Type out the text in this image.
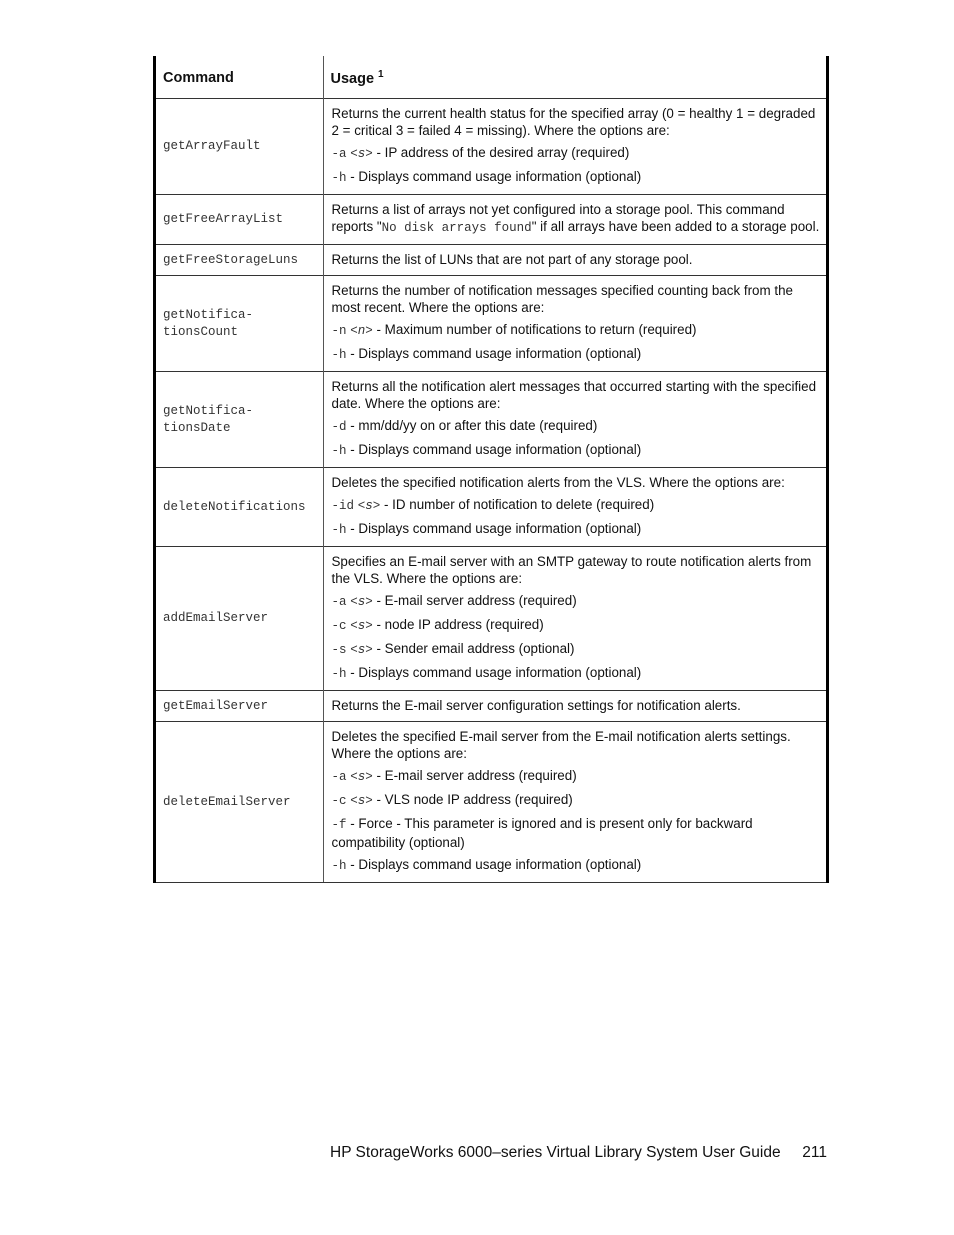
Command	Usage $^1$
getArrayFault	Returns the current health status for the specified array (0 = healthy 1 = degraded 2 = critical 3 = failed 4 = missing). Where the options are:
-a <s> - IP address of the desired array (required)
-h - Displays command usage information (optional)

getFreeArrayList	Returns a list of arrays not yet configured into a storage pool. This command reports "No disk arrays found" if all arrays have been added to a storage pool.

getFreeStorageLuns	Returns the list of LUNs that are not part of any storage pool.

getNotifica-
tionsCount	Returns the number of notification messages specified counting back from the most recent. Where the options are:
-n <n> - Maximum number of notifications to return (required)
-h - Displays command usage information (optional)

getNotifica-
tionsDate	Returns all the notification alert messages that occurred starting with the specified date. Where the options are:
-d - mm/dd/yy on or after this date (required)
-h - Displays command usage information (optional)

deleteNotifications	Deletes the specified notification alerts from the VLS. Where the options are:
-id <s> - ID number of notification to delete (required)
-h - Displays command usage information (optional)

addEmailServer	Specifies an E-mail server with an SMTP gateway to route notification alerts from the VLS. Where the options are:
-a <s> - E-mail server address (required)
-c <s> - node IP address (required)
-s <s> - Sender email address (optional)
-h - Displays command usage information (optional)

getEmailServer	Returns the E-mail server configuration settings for notification alerts.

deleteEmailServer	Deletes the specified E-mail server from the E-mail notification alerts settings. Where the options are:
-a <s> - E-mail server address (required)
-c <s> - VLS node IP address (required)
-f - Force - This parameter is ignored and is present only for backward compatibility (optional)
-h - Displays command usage information (optional)
HP StorageWorks 6000–series Virtual Library System User Guide 211
